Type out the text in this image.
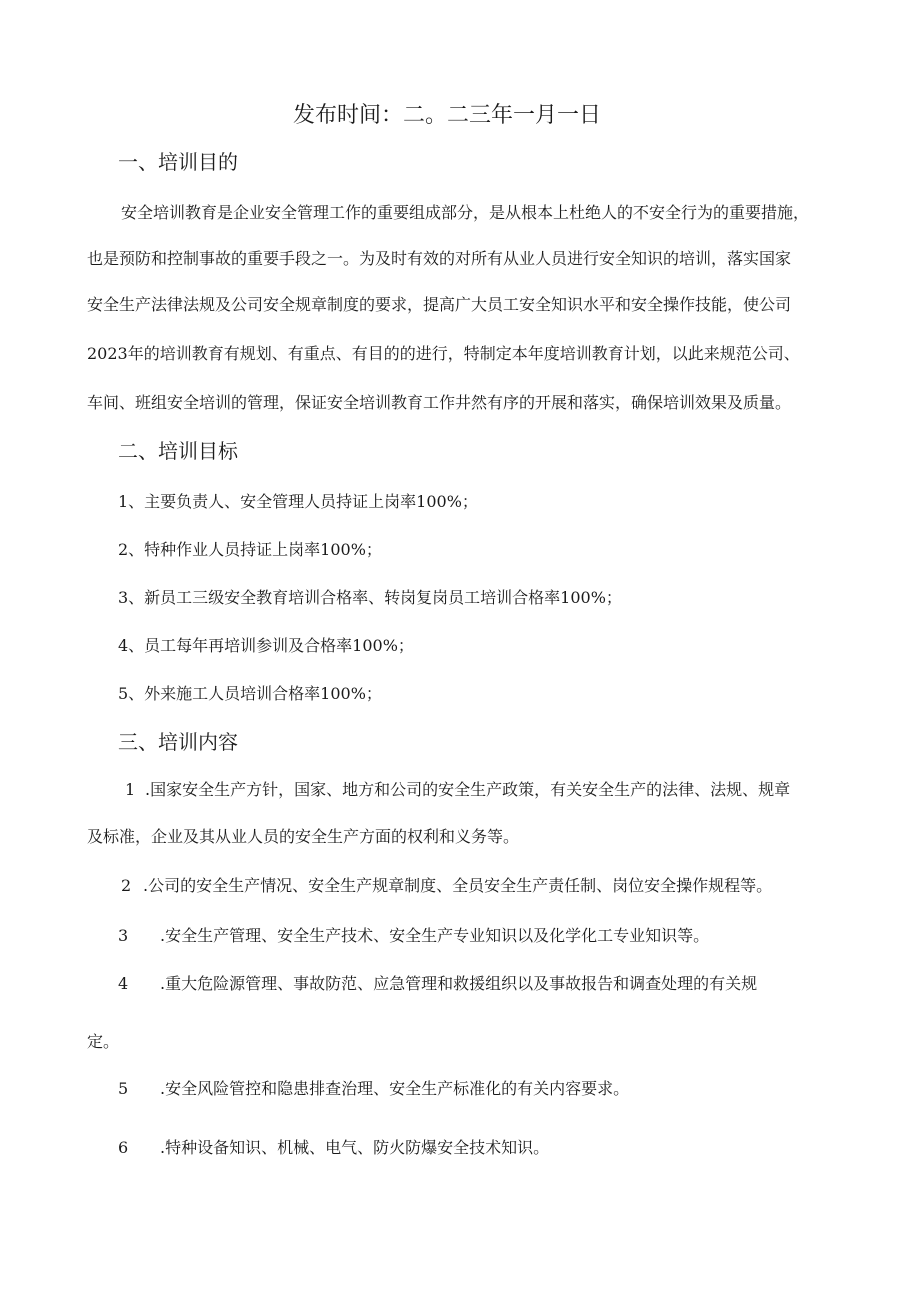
发布时间：二。二三年一月一日
一、培训目的
安全培训教育是企业安全管理工作的重要组成部分，是从根本上杜绝人的不安全行为的重要措施，
也是预防和控制事故的重要手段之一。为及时有效的对所有从业人员进行安全知识的培训，落实国家
安全生产法律法规及公司安全规章制度的要求，提高广大员工安全知识水平和安全操作技能，使公司
2023年的培训教育有规划、有重点、有目的的进行，特制定本年度培训教育计划，以此来规范公司、
车间、班组安全培训的管理，保证安全培训教育工作井然有序的开展和落实，确保培训效果及质量。
二、培训目标
1、主要负责人、安全管理人员持证上岗率100%；
2、特种作业人员持证上岗率100%；
3、新员工三级安全教育培训合格率、转岗复岗员工培训合格率100%；
4、员工每年再培训参训及合格率100%；
5、外来施工人员培训合格率100%；
三、培训内容
1 .国家安全生产方针，国家、地方和公司的安全生产政策，有关安全生产的法律、法规、规章
及标准，企业及其从业人员的安全生产方面的权利和义务等。
2 .公司的安全生产情况、安全生产规章制度、全员安全生产责任制、岗位安全操作规程等。
3 .安全生产管理、安全生产技术、安全生产专业知识以及化学化工专业知识等。
4 .重大危险源管理、事故防范、应急管理和救援组织以及事故报告和调查处理的有关规
定。
5 .安全风险管控和隐患排查治理、安全生产标准化的有关内容要求。
6 .特种设备知识、机械、电气、防火防爆安全技术知识。
